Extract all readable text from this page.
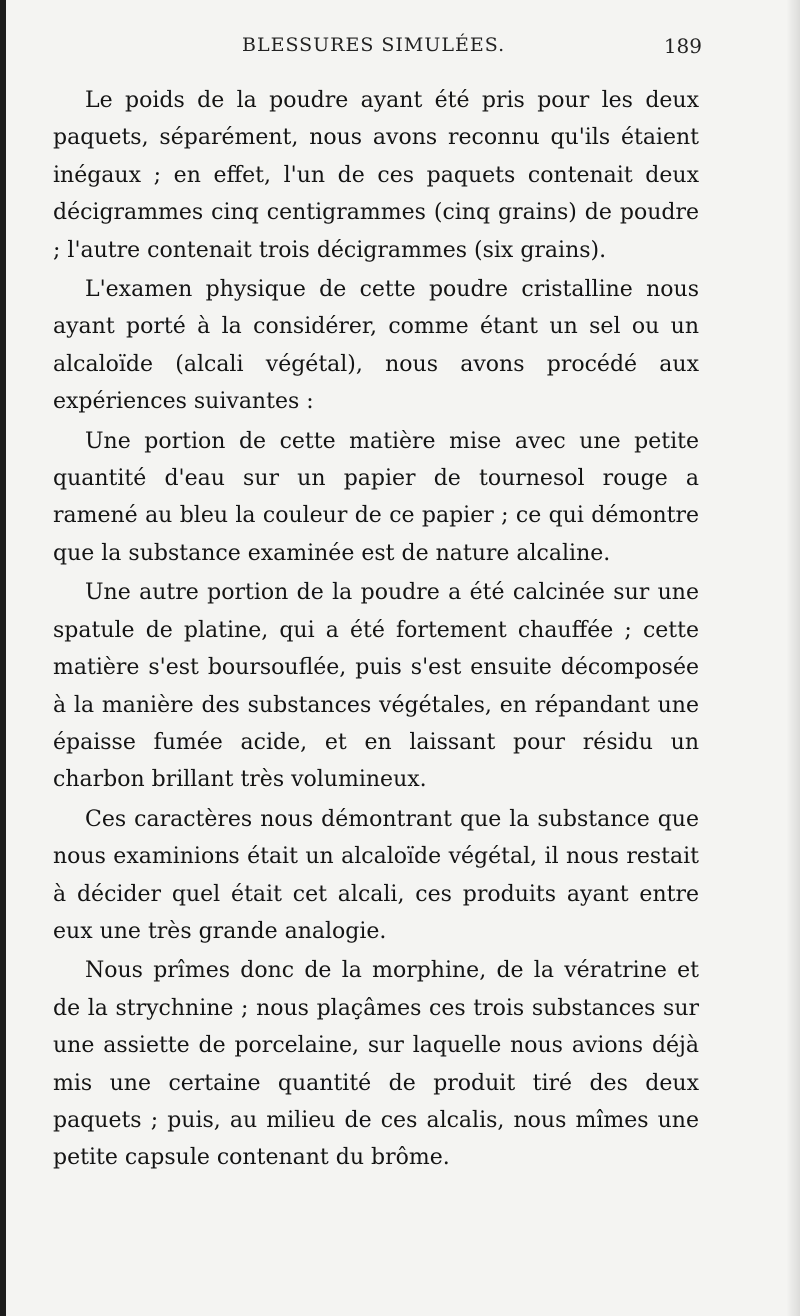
BLESSURES SIMULÉES.	189

Le poids de la poudre ayant été pris pour les deux paquets, séparément, nous avons reconnu qu'ils étaient inégaux ; en effet, l'un de ces paquets contenait deux décigrammes cinq centigrammes (cinq grains) de poudre ; l'autre contenait trois décigrammes (six grains).

L'examen physique de cette poudre cristalline nous ayant porté à la considérer, comme étant un sel ou un alcaloïde (alcali végétal), nous avons procédé aux expériences suivantes :

Une portion de cette matière mise avec une petite quantité d'eau sur un papier de tournesol rouge a ramené au bleu la couleur de ce papier ; ce qui démontre que la substance examinée est de nature alcaline.

Une autre portion de la poudre a été calcinée sur une spatule de platine, qui a été fortement chauffée ; cette matière s'est boursouflée, puis s'est ensuite décomposée à la manière des substances végétales, en répandant une épaisse fumée acide, et en laissant pour résidu un charbon brillant très volumineux.

Ces caractères nous démontrant que la substance que nous examinions était un alcaloïde végétal, il nous restait à décider quel était cet alcali, ces produits ayant entre eux une très grande analogie.

Nous prîmes donc de la morphine, de la vératrine et de la strychnine ; nous plaçâmes ces trois substances sur une assiette de porcelaine, sur laquelle nous avions déjà mis une certaine quantité de produit tiré des deux paquets ; puis, au milieu de ces alcalis, nous mîmes une petite capsule contenant du brôme.
